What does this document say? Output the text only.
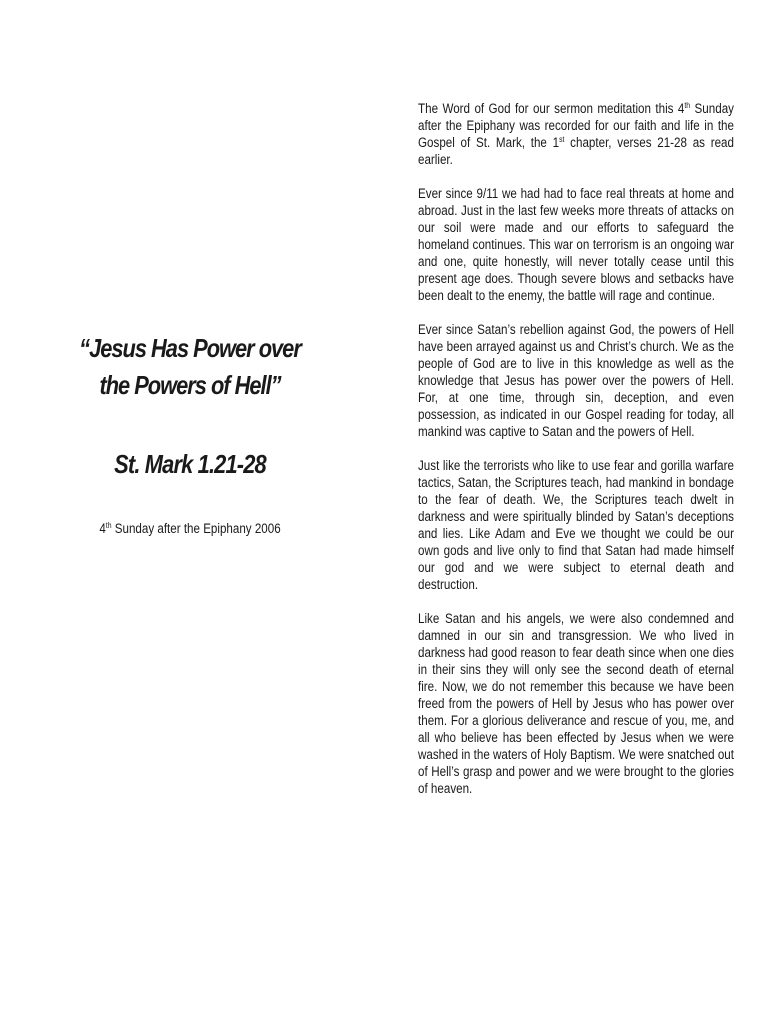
“Jesus Has Power over the Powers of Hell”
St. Mark 1.21-28

4th Sunday after the Epiphany 2006

The Word of God for our sermon meditation this 4th Sunday after the Epiphany was recorded for our faith and life in the Gospel of St. Mark, the 1st chapter, verses 21-28 as read earlier.

Ever since 9/11 we had had to face real threats at home and abroad. Just in the last few weeks more threats of attacks on our soil were made and our efforts to safeguard the homeland continues. This war on terrorism is an ongoing war and one, quite honestly, will never totally cease until this present age does. Though severe blows and setbacks have been dealt to the enemy, the battle will rage and continue.

Ever since Satan’s rebellion against God, the powers of Hell have been arrayed against us and Christ’s church. We as the people of God are to live in this knowledge as well as the knowledge that Jesus has power over the powers of Hell. For, at one time, through sin, deception, and even possession, as indicated in our Gospel reading for today, all mankind was captive to Satan and the powers of Hell.

Just like the terrorists who like to use fear and gorilla warfare tactics, Satan, the Scriptures teach, had mankind in bondage to the fear of death. We, the Scriptures teach dwelt in darkness and were spiritually blinded by Satan’s deceptions and lies. Like Adam and Eve we thought we could be our own gods and live only to find that Satan had made himself our god and we were subject to eternal death and destruction.

Like Satan and his angels, we were also condemned and damned in our sin and transgression. We who lived in darkness had good reason to fear death since when one dies in their sins they will only see the second death of eternal fire. Now, we do not remember this because we have been freed from the powers of Hell by Jesus who has power over them. For a glorious deliverance and rescue of you, me, and all who believe has been effected by Jesus when we were washed in the waters of Holy Baptism. We were snatched out of Hell’s grasp and power and we were brought to the glories of heaven.
